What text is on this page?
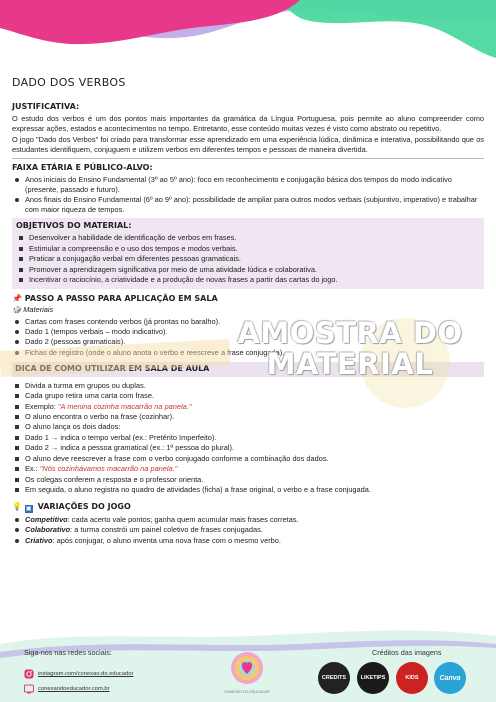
DADO DOS VERBOS
JUSTIFICATIVA:
O estudo dos verbos é um dos pontos mais importantes da gramática da Língua Portuguesa, pois permite ao aluno compreender como expressar ações, estados e acontecimentos no tempo. Entretanto, esse conteúdo muitas vezes é visto como abstrato ou repetitivo.
O jogo "Dado dos Verbos" foi criado para transformar esse aprendizado em uma experiência lúdica, dinâmica e interativa, possibilitando que os estudantes identifiquem, conjuguem e utilizem verbos em diferentes tempos e pessoas de maneira divertida.
FAIXA ETÁRIA E PÚBLICO-ALVO:
Anos iniciais do Ensino Fundamental (3º ao 5º ano): foco em reconhecimento e conjugação básica dos tempos do modo indicativo (presente, passado e futuro).
Anos finais do Ensino Fundamental (6º ao 9º ano): possibilidade de ampliar para outros modos verbais (subjuntivo, imperativo) e trabalhar com maior riqueza de tempos.
OBJETIVOS DO MATERIAL:
Desenvolver a habilidade de identificação de verbos em frases.
Estimular a compreensão e o uso dos tempos e modos verbais.
Praticar a conjugação verbal em diferentes pessoas gramaticais.
Promover a aprendizagem significativa por meio de uma atividade lúdica e colaborativa.
Incentivar o raciocínio, a criatividade e a produção de novas frases a partir das cartas do jogo.
📌 PASSO A PASSO PARA APLICAÇÃO EM SALA
🎲 Materiais
Cartas com frases contendo verbos (já prontas no baralho).
Dado 1 (tempos verbais – modo indicativo).
Dado 2 (pessoas gramaticais).
Fichas de registro (onde o aluno anota o verbo e reescreve a frase conjugada).
DICA DE COMO UTILIZAR EM SALA DE AULA
Divida a turma em grupos ou duplas.
Cada grupo retira uma carta com frase.
Exemplo: "A menina cozinha macarrão na panela."
O aluno encontra o verbo na frase (cozinhar).
O aluno lança os dois dados:
Dado 1 → indica o tempo verbal (ex.: Pretérito Imperfeito).
Dado 2 → indica a pessoa gramatical (ex.: 1ª pessoa do plural).
O aluno deve reescrever a frase com o verbo conjugado conforme a combinação dos dados.
Ex.: "Nós cozinhávamos macarrão na panela."
Os colegas conferem a resposta e o professor orienta.
Em seguida, o aluno registra no quadro de atividades (ficha) a frase original, o verbo e a frase conjugada.
💡 ▣ VARIAÇÕES DO JOGO
Competitivo: cada acerto vale pontos; ganha quem acumular mais frases corretas.
Colaborativo: a turma constrói um painel coletivo de frases conjugadas.
Criativo: após conjugar, o aluno inventa uma nova frase com o mesmo verbo.
AMOSTRA DO
MATERIAL
Siga-nos nas redes sociais:
instagram.com/conexao.do.educador
conexaodoeducador.com.br	CONEXÃO DO EDUCADOR
Créditos das imagens
CREDITS	LIKETIPS	KIDS	Canva
